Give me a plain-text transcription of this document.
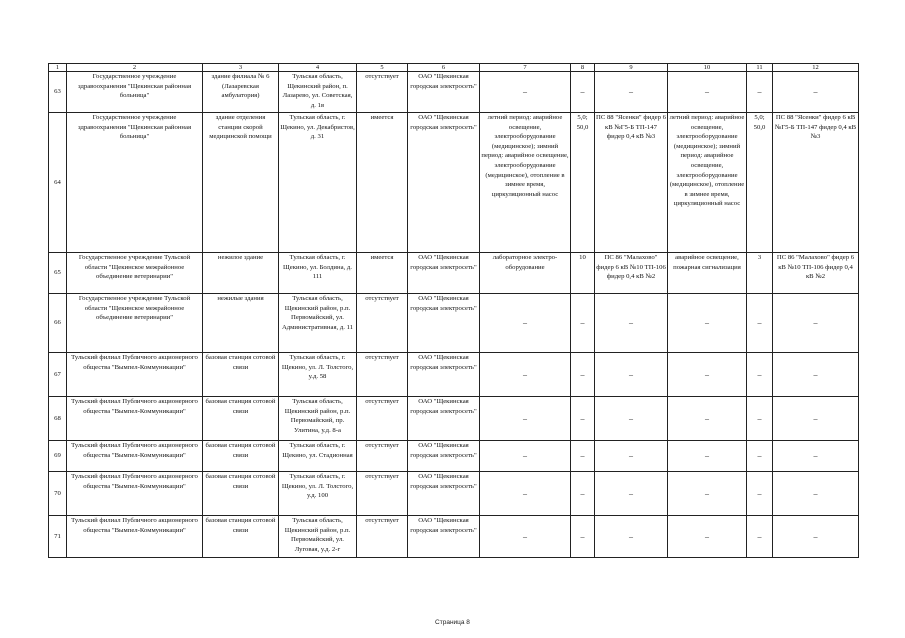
1	2	3	4	5	6	7	8	9	10	11	12
63	Государственное учреждение здравоохранения "Щекинская районная больница"	здание филиала № 6 (Лазаревская амбулатория)	Тульская область, Щекинский район, п. Лазарево, ул. Советская, д. 1в	отсутствует	ОАО "Щекинская городская электросеть"	–	–	–	–	–	–
64	Государственное учреждение здравоохранения "Щекинская районная больница"	здание отделения станции скорой медицинской помощи	Тульская область, г. Щекино, ул. Декабристов, д. 31	имеется	ОАО "Щекинская городская электросеть"	летний период: аварийное освещение, электрооборудование (медицинское); зимний период: аварийное освещение, электрооборудование (медицинское), отопление в зимнее время, циркуляционный насос	5,0; 50,0	ПС 88 "Ясенки" фидер 6 кВ №Г5-Б ТП-147 фидер 0,4 кВ №3	летний период: аварийное освещение, электрооборудование (медицинское); зимний период: аварийное освещение, электрооборудование (медицинское), отопление в зимнее время, циркуляционный насос	5,0; 50,0	ПС 88 "Ясенки" фидер 6 кВ №Г5-Б ТП-147 фидер 0,4 кВ №3
65	Государственное учреждение Тульской области "Щекинское межрайонное объединение ветеринарии"	нежилое здание	Тульская область, г. Щекино, ул. Болдина, д. 111	имеется	ОАО "Щекинская городская электросеть"	лабораторное электро-оборудование	10	ПС 86 "Малахово" фидер 6 кВ №10 ТП-106 фидер 0,4 кВ №2	аварийное освещение, пожарная сигнализация	3	ПС 86 "Малахово" фидер 6 кВ №10 ТП-106 фидер 0,4 кВ №2
66	Государственное учреждение Тульской области "Щекинское межрайонное объединение ветеринарии"	нежилые здания	Тульская область, Щекинский район, р.п. Первомайский, ул. Административная, д. 11	отсутствует	ОАО "Щекинская городская электросеть"	–	–	–	–	–	–
67	Тульский филиал Публичного акционерного общества "Вымпел-Коммуникации"	базовая станция сотовой связи	Тульская область, г. Щекино, ул. Л. Толстого, у.д. 58	отсутствует	ОАО "Щекинская городская электросеть"	–	–	–	–	–	–
68	Тульский филиал Публичного акционерного общества "Вымпел-Коммуникации"	базовая станция сотовой связи	Тульская область, Щекинский район, р.п. Первомайский, пр. Улитина, у.д. 8-а	отсутствует	ОАО "Щекинская городская электросеть"	–	–	–	–	–	–
69	Тульский филиал Публичного акционерного общества "Вымпел-Коммуникации"	базовая станция сотовой связи	Тульская область, г. Щекино, ул. Стадионная	отсутствует	ОАО "Щекинская городская электросеть"	–	–	–	–	–	–
70	Тульский филиал Публичного акционерного общества "Вымпел-Коммуникации"	базовая станция сотовой связи	Тульская область, г. Щекино, ул. Л. Толстого, у.д. 100	отсутствует	ОАО "Щекинская городская электросеть"	–	–	–	–	–	–
71	Тульский филиал Публичного акционерного общества "Вымпел-Коммуникации"	базовая станция сотовой связи	Тульская область, Щекинский район, р.п. Первомайский, ул. Луговая, у.д. 2-г	отсутствует	ОАО "Щекинская городская электросеть"	–	–	–	–	–	–
Страница 8
